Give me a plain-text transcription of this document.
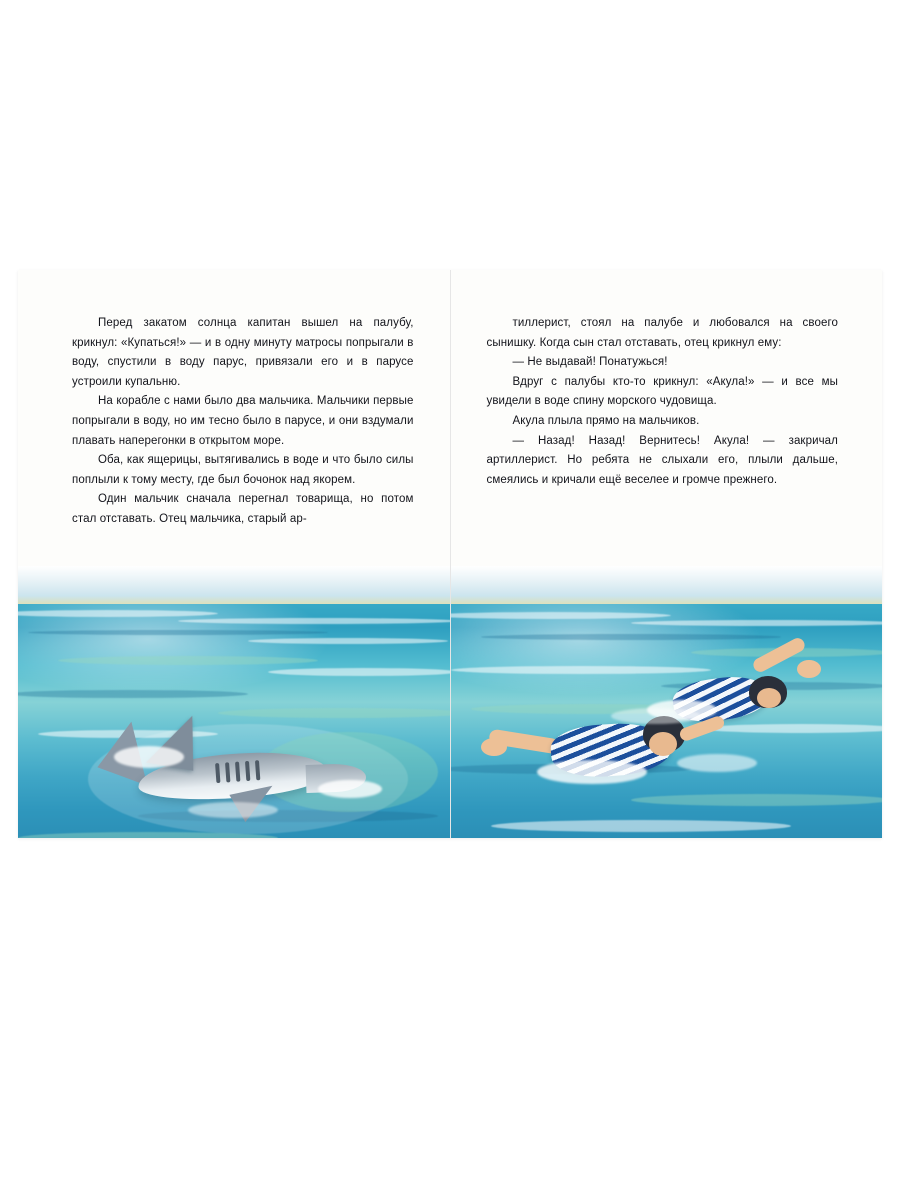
Перед закатом солнца капитан вышел на палубу, крикнул: «Купаться!» — и в одну минуту матросы попрыгали в воду, спустили в воду парус, привязали его и в парусе устроили купальню.

На корабле с нами было два мальчика. Мальчики первые попрыгали в воду, но им тесно было в парусе, и они вздумали плавать наперегонки в открытом море.

Оба, как ящерицы, вытягивались в воде и что было силы поплыли к тому месту, где был бочонок над якорем.

Один мальчик сначала перегнал товарища, но потом стал отставать. Отец мальчика, старый ар-

тиллерист, стоял на палубе и любовался на своего сынишку. Когда сын стал отставать, отец крикнул ему:

— Не выдавай! Понатужься!

Вдруг с палубы кто-то крикнул: «Акула!» — и все мы увидели в воде спину морского чудовища.

Акула плыла прямо на мальчиков.

— Назад! Назад! Вернитесь! Акула! — закричал артиллерист. Но ребята не слыхали его, плыли дальше, смеялись и кричали ещё веселее и громче прежнего.
